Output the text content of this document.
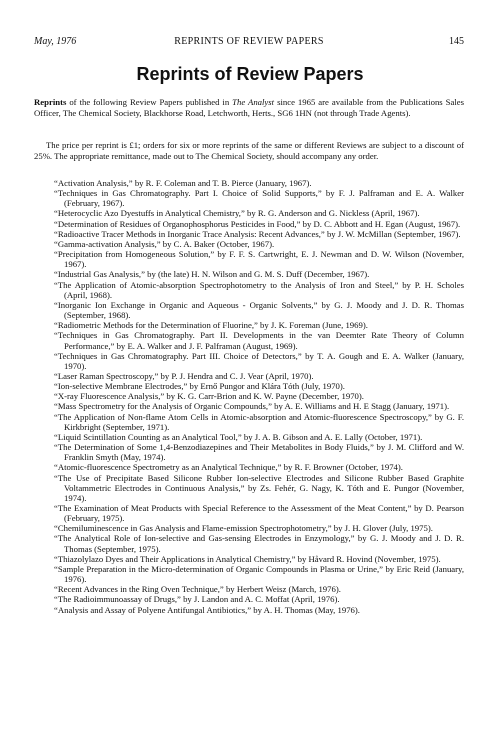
May, 1976	REPRINTS OF REVIEW PAPERS	145
Reprints of Review Papers

Reprints of the following Review Papers published in The Analyst since 1965 are available from the Publications Sales Officer, The Chemical Society, Blackhorse Road, Letchworth, Herts., SG6 1HN (not through Trade Agents).

The price per reprint is £1; orders for six or more reprints of the same or different Reviews are subject to a discount of 25%. The appropriate remittance, made out to The Chemical Society, should accompany any order.

“Activation Analysis,” by R. F. Coleman and T. B. Pierce (January, 1967).
“Techniques in Gas Chromatography. Part I. Choice of Solid Supports,” by F. J. Palframan and E. A. Walker (February, 1967).
“Heterocyclic Azo Dyestuffs in Analytical Chemistry,” by R. G. Anderson and G. Nickless (April, 1967).
“Determination of Residues of Organophosphorus Pesticides in Food,” by D. C. Abbott and H. Egan (August, 1967).
“Radioactive Tracer Methods in Inorganic Trace Analysis: Recent Advances,” by J. W. McMillan (September, 1967).
“Gamma-activation Analysis,” by C. A. Baker (October, 1967).
“Precipitation from Homogeneous Solution,” by F. F. S. Cartwright, E. J. Newman and D. W. Wilson (November, 1967).
“Industrial Gas Analysis,” by (the late) H. N. Wilson and G. M. S. Duff (December, 1967).
“The Application of Atomic-absorption Spectrophotometry to the Analysis of Iron and Steel,” by P. H. Scholes (April, 1968).
“Inorganic Ion Exchange in Organic and Aqueous - Organic Solvents,” by G. J. Moody and J. D. R. Thomas (September, 1968).
“Radiometric Methods for the Determination of Fluorine,” by J. K. Foreman (June, 1969).
“Techniques in Gas Chromatography. Part II. Developments in the van Deemter Rate Theory of Column Performance,” by E. A. Walker and J. F. Palframan (August, 1969).
“Techniques in Gas Chromatography. Part III. Choice of Detectors,” by T. A. Gough and E. A. Walker (January, 1970).
“Laser Raman Spectroscopy,” by P. J. Hendra and C. J. Vear (April, 1970).
“Ion-selective Membrane Electrodes,” by Ernő Pungor and Klára Tóth (July, 1970).
“X-ray Fluorescence Analysis,” by K. G. Carr-Brion and K. W. Payne (December, 1970).
“Mass Spectrometry for the Analysis of Organic Compounds,” by A. E. Williams and H. E Stagg (January, 1971).
“The Application of Non-flame Atom Cells in Atomic-absorption and Atomic-fluorescence Spectroscopy,” by G. F. Kirkbright (September, 1971).
“Liquid Scintillation Counting as an Analytical Tool,” by J. A. B. Gibson and A. E. Lally (October, 1971).
“The Determination of Some 1,4-Benzodiazepines and Their Metabolites in Body Fluids,” by J. M. Clifford and W. Franklin Smyth (May, 1974).
“Atomic-fluorescence Spectrometry as an Analytical Technique,” by R. F. Browner (October, 1974).
“The Use of Precipitate Based Silicone Rubber Ion-selective Electrodes and Silicone Rubber Based Graphite Voltammetric Electrodes in Continuous Analysis,” by Zs. Fehér, G. Nagy, K. Tóth and E. Pungor (November, 1974).
“The Examination of Meat Products with Special Reference to the Assessment of the Meat Content,” by D. Pearson (February, 1975).
“Chemiluminescence in Gas Analysis and Flame-emission Spectrophotometry,” by J. H. Glover (July, 1975).
“The Analytical Role of Ion-selective and Gas-sensing Electrodes in Enzymology,” by G. J. Moody and J. D. R. Thomas (September, 1975).
“Thiazolylazo Dyes and Their Applications in Analytical Chemistry,” by Håvard R. Hovind (November, 1975).
“Sample Preparation in the Micro-determination of Organic Compounds in Plasma or Urine,” by Eric Reid (January, 1976).
“Recent Advances in the Ring Oven Technique,” by Herbert Weisz (March, 1976).
“The Radioimmunoassay of Drugs,” by J. Landon and A. C. Moffat (April, 1976).
“Analysis and Assay of Polyene Antifungal Antibiotics,” by A. H. Thomas (May, 1976).
